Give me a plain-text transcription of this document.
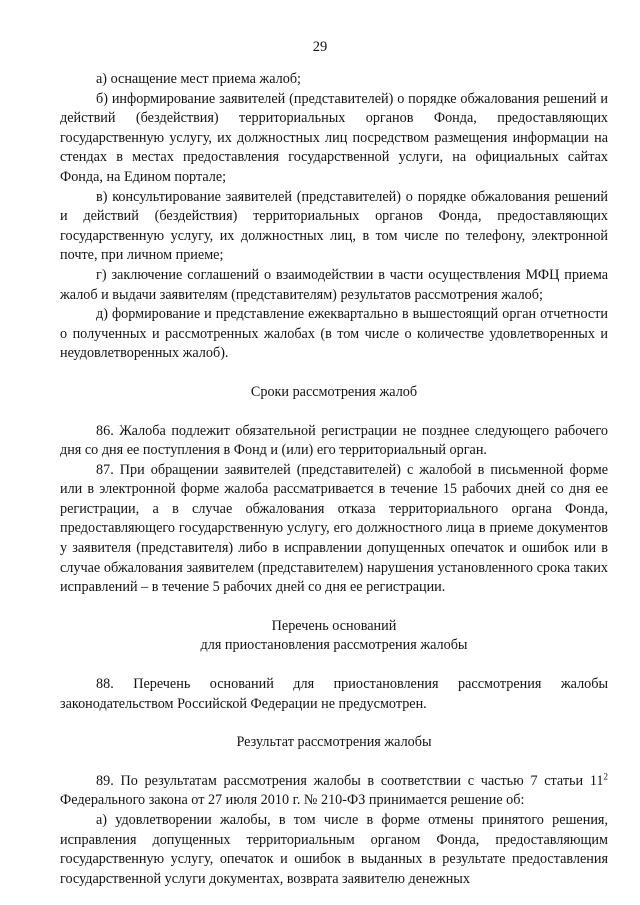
29

а) оснащение мест приема жалоб;

б) информирование заявителей (представителей) о порядке обжалования решений и действий (бездействия) территориальных органов Фонда, предоставляющих государственную услугу, их должностных лиц посредством размещения информации на стендах в местах предоставления государственной услуги, на официальных сайтах Фонда, на Едином портале;

в) консультирование заявителей (представителей) о порядке обжалования решений и действий (бездействия) территориальных органов Фонда, предоставляющих государственную услугу, их должностных лиц, в том числе по телефону, электронной почте, при личном приеме;

г) заключение соглашений о взаимодействии в части осуществления МФЦ приема жалоб и выдачи заявителям (представителям) результатов рассмотрения жалоб;

д) формирование и представление ежеквартально в вышестоящий орган отчетности о полученных и рассмотренных жалобах (в том числе о количестве удовлетворенных и неудовлетворенных жалоб).

Сроки рассмотрения жалоб

86. Жалоба подлежит обязательной регистрации не позднее следующего рабочего дня со дня ее поступления в Фонд и (или) его территориальный орган.

87. При обращении заявителей (представителей) с жалобой в письменной форме или в электронной форме жалоба рассматривается в течение 15 рабочих дней со дня ее регистрации, а в случае обжалования отказа территориального органа Фонда, предоставляющего государственную услугу, его должностного лица в приеме документов у заявителя (представителя) либо в исправлении допущенных опечаток и ошибок или в случае обжалования заявителем (представителем) нарушения установленного срока таких исправлений – в течение 5 рабочих дней со дня ее регистрации.

Перечень оснований

для приостановления рассмотрения жалобы

88. Перечень оснований для приостановления рассмотрения жалобы законодательством Российской Федерации не предусмотрен.

Результат рассмотрения жалобы

89. По результатам рассмотрения жалобы в соответствии с частью 7 статьи $11^2$ Федерального закона от 27 июля 2010 г. № 210-ФЗ принимается решение об:

а) удовлетворении жалобы, в том числе в форме отмены принятого решения, исправления допущенных территориальным органом Фонда, предоставляющим государственную услугу, опечаток и ошибок в выданных в результате предоставления государственной услуги документах, возврата заявителю денежных
